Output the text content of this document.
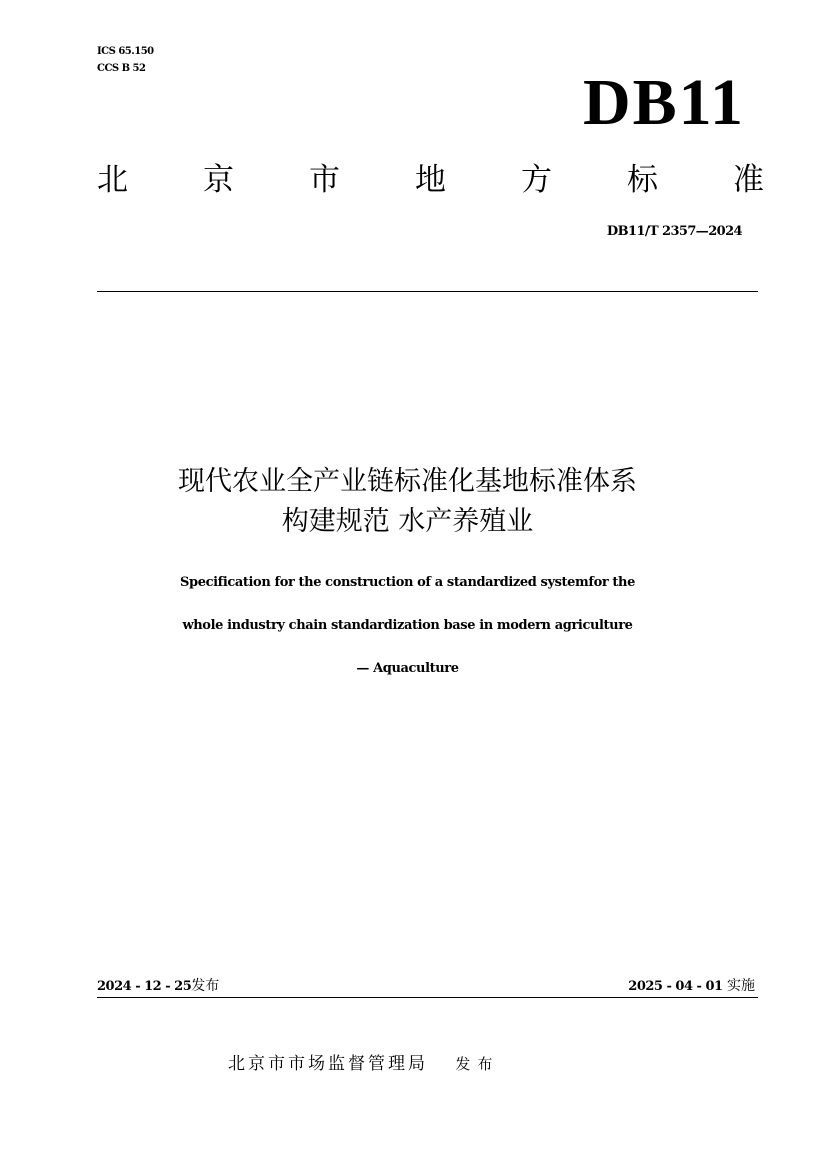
ICS 65.150
CCS B 52	DB11
北 京 市 地 方 标 准
DB11/T 2357—2024
现代农业全产业链标准化基地标准体系
构建规范 水产养殖业
Specification for the construction of a standardized systemfor the
whole industry chain standardization base in modern agriculture
— Aquaculture
2024 - 12 - 25发布	2025 - 04 - 01 实施
北京市市场监督管理局 发布
